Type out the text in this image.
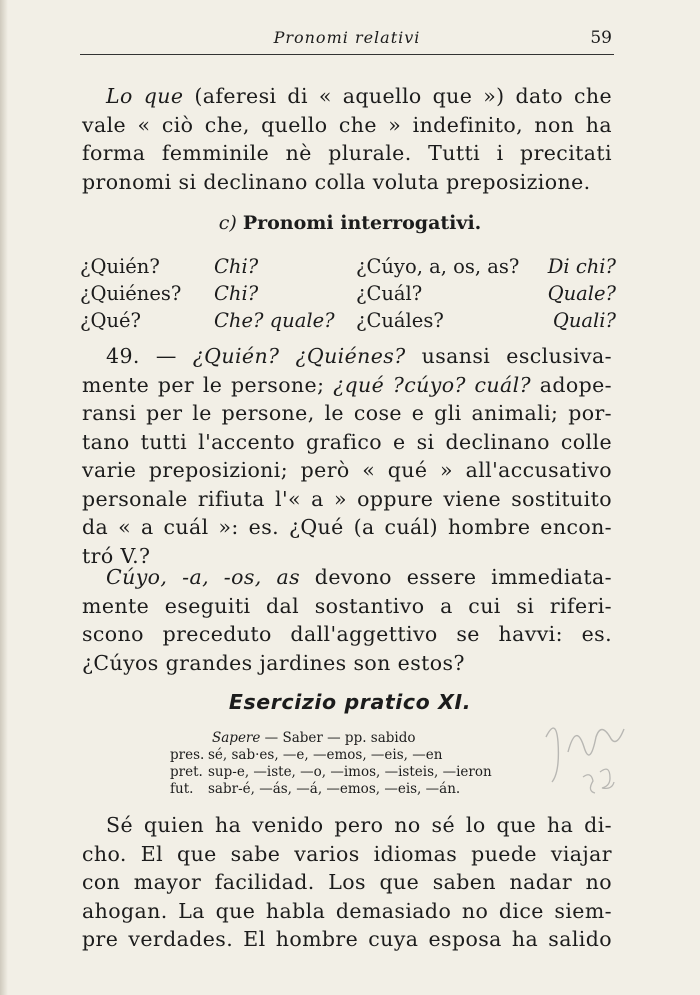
Pronomi relativi	59
Lo que (aferesi di « aquello que ») dato che
vale « ciò che, quello che » indefinito, non ha
forma femminile nè plurale. Tutti i precitati
pronomi si declinano colla voluta preposizione.
c) Pronomi interrogativi.
¿Quién?	Chi?	¿Cúyo, a, os, as?	Di chi?
¿Quiénes?	Chi?	¿Cuál?	Quale?
¿Qué?	Che? quale?	¿Cuáles?	Quali?
49. — ¿Quién? ¿Quiénes? usansi esclusiva-
mente per le persone; ¿qué ?cúyo? cuál? adope-
ransi per le persone, le cose e gli animali; por-
tano tutti l'accento grafico e si declinano colle
varie preposizioni; però « qué » all'accusativo
personale rifiuta l'« a » oppure viene sostituito
da « a cuál »: es. ¿Qué (a cuál) hombre encon-
tró V.?
Cúyo, -a, -os, as devono essere immediata-
mente eseguiti dal sostantivo a cui si riferi-
scono preceduto dall'aggettivo se havvi: es.
¿Cúyos grandes jardines son estos?
Esercizio pratico XI.
Sapere — Saber — pp. sabido
pres. sé, sab·es, —e, —emos, —eis, —en
pret. sup-e, —iste, —o, —imos, —isteis, —ieron
fut. sabr-é, —ás, —á, —emos, —eis, —án.
Sé quien ha venido pero no sé lo que ha di-
cho. El que sabe varios idiomas puede viajar
con mayor facilidad. Los que saben nadar no
ahogan. La que habla demasiado no dice siem-
pre verdades. El hombre cuya esposa ha salido
